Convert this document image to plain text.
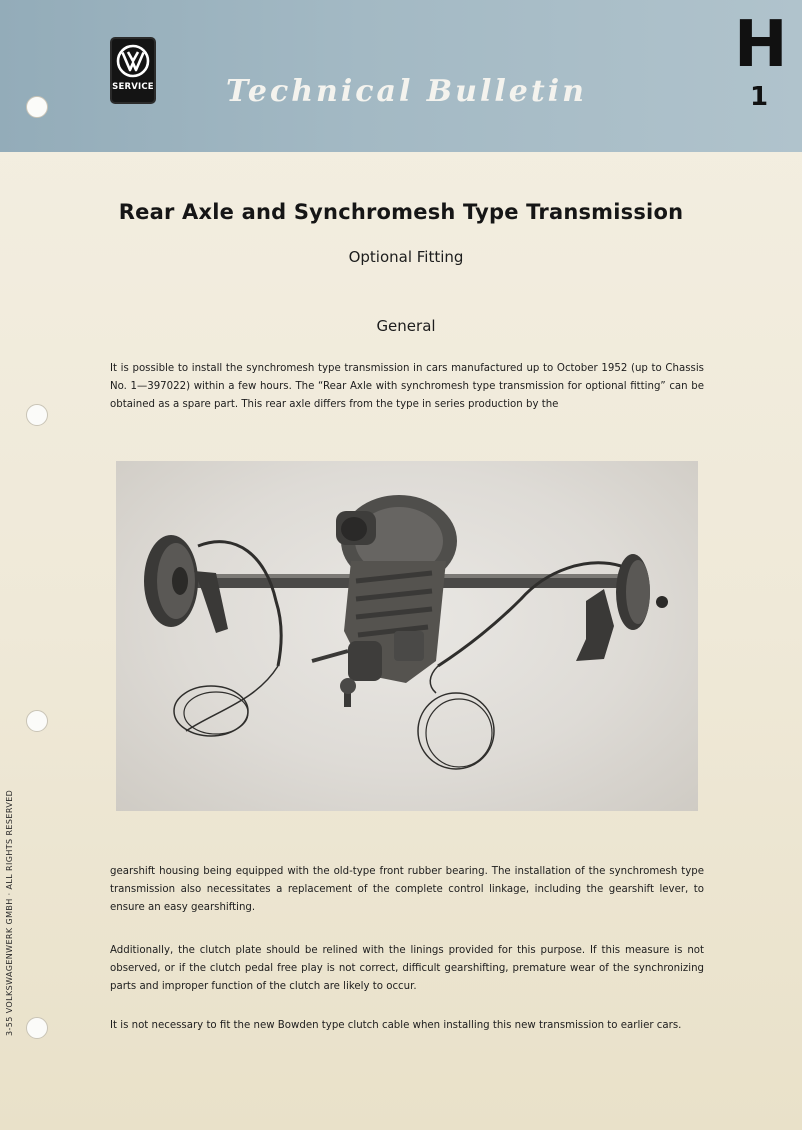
SERVICE Technical Bulletin
H
1
3-55 VOLKSWAGENWERK GMBH · ALL RIGHTS RESERVED
Rear Axle and Synchromesh Type Transmission
Optional Fitting
General
It is possible to install the synchromesh type transmission in cars manufactured up to October 1952 (up to Chassis No. 1—397022) within a few hours. The “Rear Axle with synchromesh type transmission for optional fitting” can be obtained as a spare part. This rear axle differs from the type in series production by the
gearshift housing being equipped with the old-type front rubber bearing. The installation of the synchromesh type transmission also necessitates a replacement of the complete control linkage, including the gearshift lever, to ensure an easy gearshifting.
Additionally, the clutch plate should be relined with the linings provided for this purpose. If this measure is not observed, or if the clutch pedal free play is not correct, difficult gearshifting, premature wear of the synchronizing parts and improper function of the clutch are likely to occur.
It is not necessary to fit the new Bowden type clutch cable when installing this new transmission to earlier cars.
